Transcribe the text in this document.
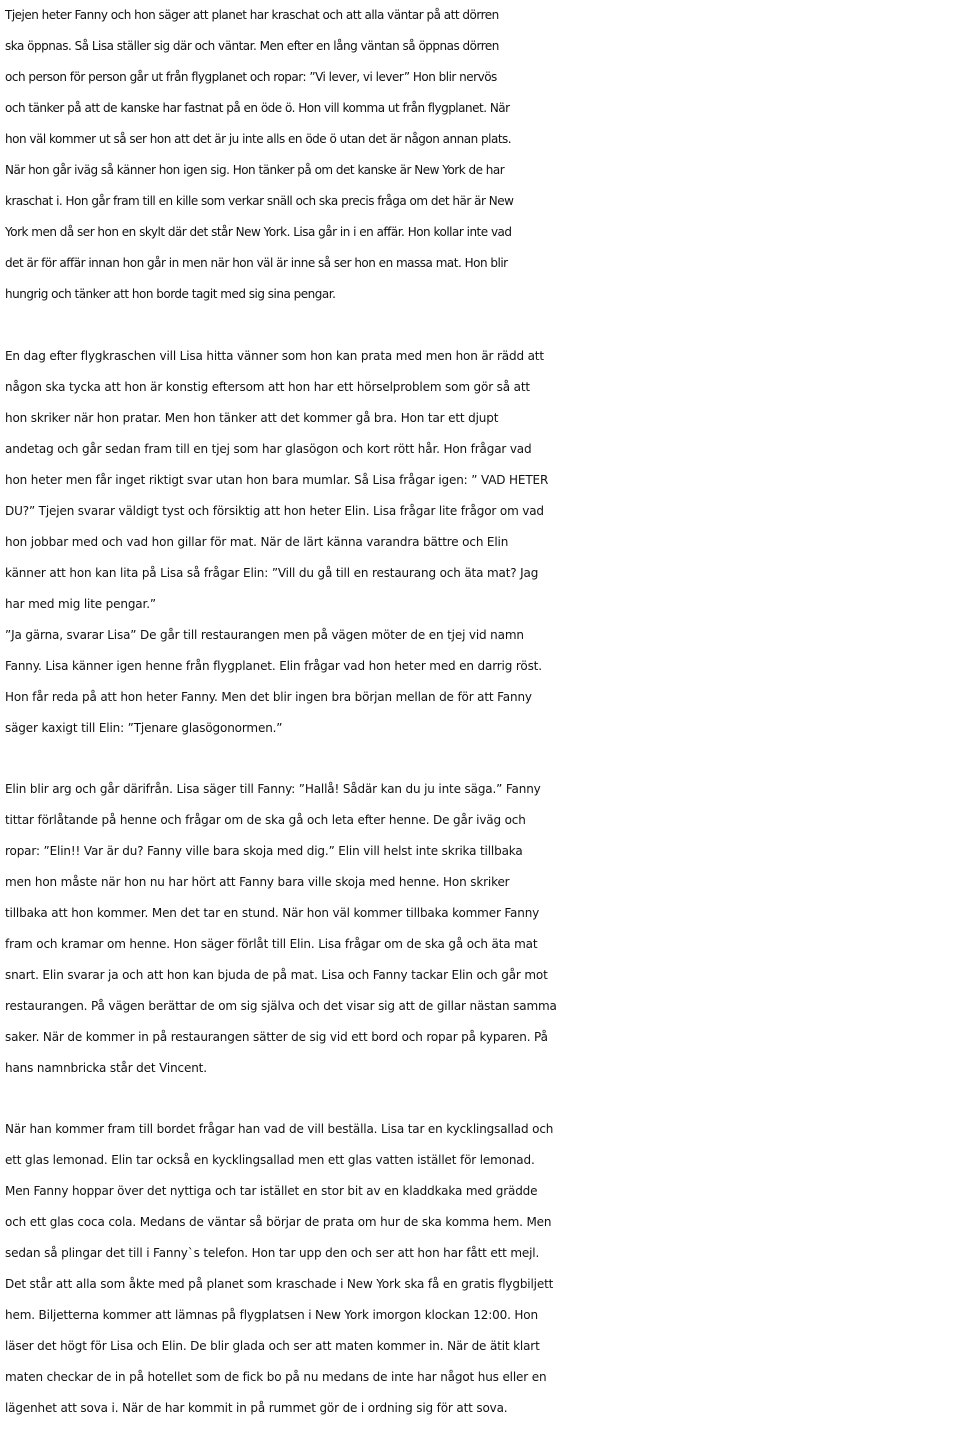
Tjejen heter Fanny och hon säger att planet har kraschat och att alla väntar på att dörren
ska öppnas. Så Lisa ställer sig där och väntar. Men efter en lång väntan så öppnas dörren
och person för person går ut från flygplanet och ropar: ”Vi lever, vi lever” Hon blir nervös
och tänker på att de kanske har fastnat på en öde ö. Hon vill komma ut från flygplanet. När
hon väl kommer ut så ser hon att det är ju inte alls en öde ö utan det är någon annan plats.
När hon går iväg så känner hon igen sig. Hon tänker på om det kanske är New York de har
kraschat i. Hon går fram till en kille som verkar snäll och ska precis fråga om det här är New
York men då ser hon en skylt där det står New York. Lisa går in i en affär. Hon kollar inte vad
det är för affär innan hon går in men när hon väl är inne så ser hon en massa mat. Hon blir
hungrig och tänker att hon borde tagit med sig sina pengar.
En dag efter flygkraschen vill Lisa hitta vänner som hon kan prata med men hon är rädd att
någon ska tycka att hon är konstig eftersom att hon har ett hörselproblem som gör så att
hon skriker när hon pratar. Men hon tänker att det kommer gå bra. Hon tar ett djupt
andetag och går sedan fram till en tjej som har glasögon och kort rött hår. Hon frågar vad
hon heter men får inget riktigt svar utan hon bara mumlar. Så Lisa frågar igen: ” VAD HETER
DU?” Tjejen svarar väldigt tyst och försiktig att hon heter Elin. Lisa frågar lite frågor om vad
hon jobbar med och vad hon gillar för mat. När de lärt känna varandra bättre och Elin
känner att hon kan lita på Lisa så frågar Elin: ”Vill du gå till en restaurang och äta mat? Jag
har med mig lite pengar.”
”Ja gärna, svarar Lisa” De går till restaurangen men på vägen möter de en tjej vid namn
Fanny. Lisa känner igen henne från flygplanet. Elin frågar vad hon heter med en darrig röst.
Hon får reda på att hon heter Fanny. Men det blir ingen bra början mellan de för att Fanny
säger kaxigt till Elin: ”Tjenare glasögonormen.”
Elin blir arg och går därifrån. Lisa säger till Fanny: ”Hallå! Sådär kan du ju inte säga.” Fanny
tittar förlåtande på henne och frågar om de ska gå och leta efter henne. De går iväg och
ropar: ”Elin!! Var är du? Fanny ville bara skoja med dig.” Elin vill helst inte skrika tillbaka
men hon måste när hon nu har hört att Fanny bara ville skoja med henne. Hon skriker
tillbaka att hon kommer. Men det tar en stund. När hon väl kommer tillbaka kommer Fanny
fram och kramar om henne. Hon säger förlåt till Elin. Lisa frågar om de ska gå och äta mat
snart. Elin svarar ja och att hon kan bjuda de på mat. Lisa och Fanny tackar Elin och går mot
restaurangen. På vägen berättar de om sig själva och det visar sig att de gillar nästan samma
saker. När de kommer in på restaurangen sätter de sig vid ett bord och ropar på kyparen. På
hans namnbricka står det Vincent.
När han kommer fram till bordet frågar han vad de vill beställa. Lisa tar en kycklingsallad och
ett glas lemonad. Elin tar också en kycklingsallad men ett glas vatten istället för lemonad.
Men Fanny hoppar över det nyttiga och tar istället en stor bit av en kladdkaka med grädde
och ett glas coca cola. Medans de väntar så börjar de prata om hur de ska komma hem. Men
sedan så plingar det till i Fanny`s telefon. Hon tar upp den och ser att hon har fått ett mejl.
Det står att alla som åkte med på planet som kraschade i New York ska få en gratis flygbiljett
hem. Biljetterna kommer att lämnas på flygplatsen i New York imorgon klockan 12:00. Hon
läser det högt för Lisa och Elin. De blir glada och ser att maten kommer in. När de ätit klart
maten checkar de in på hotellet som de fick bo på nu medans de inte har något hus eller en
lägenhet att sova i. När de har kommit in på rummet gör de i ordning sig för att sova.
